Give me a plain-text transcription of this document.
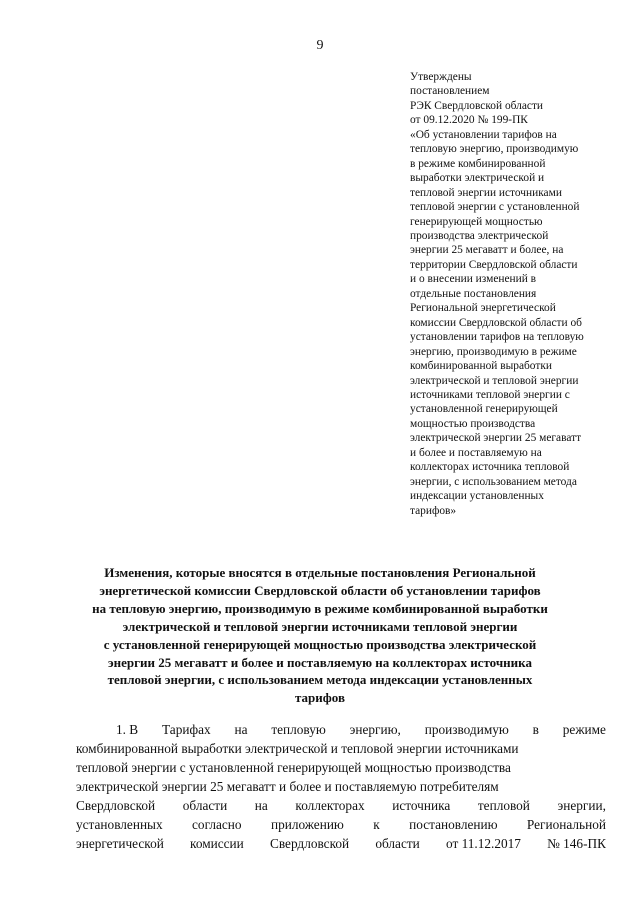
9
Утверждены
постановлением
РЭК Свердловской области
от 09.12.2020 № 199-ПК
«Об установлении тарифов на
тепловую энергию, производимую
в режиме комбинированной
выработки электрической и
тепловой энергии источниками
тепловой энергии с установленной
генерирующей мощностью
производства электрической
энергии 25 мегаватт и более, на
территории Свердловской области
и о внесении изменений в
отдельные постановления
Региональной энергетической
комиссии Свердловской области об
установлении тарифов на тепловую
энергию, производимую в режиме
комбинированной выработки
электрической и тепловой энергии
источниками тепловой энергии с
установленной генерирующей
мощностью производства
электрической энергии 25 мегаватт
и более и поставляемую на
коллекторах источника тепловой
энергии, с использованием метода
индексации установленных
тарифов»
Изменения, которые вносятся в отдельные постановления Региональной
энергетической комиссии Свердловской области об установлении тарифов
на тепловую энергию, производимую в режиме комбинированной выработки
электрической и тепловой энергии источниками тепловой энергии
с установленной генерирующей мощностью производства электрической
энергии 25 мегаватт и более и поставляемую на коллекторах источника
тепловой энергии, с использованием метода индексации установленных
тарифов
1. В Тарифах на тепловую энергию, производимую в режиме
комбинированной выработки электрической и тепловой энергии источниками
тепловой энергии с установленной генерирующей мощностью производства
электрической энергии 25 мегаватт и более и поставляемую потребителям
Свердловской области на коллекторах источника тепловой энергии,
установленных согласно приложению к постановлению Региональной
энергетической комиссии Свердловской области от 11.12.2017 № 146-ПК
